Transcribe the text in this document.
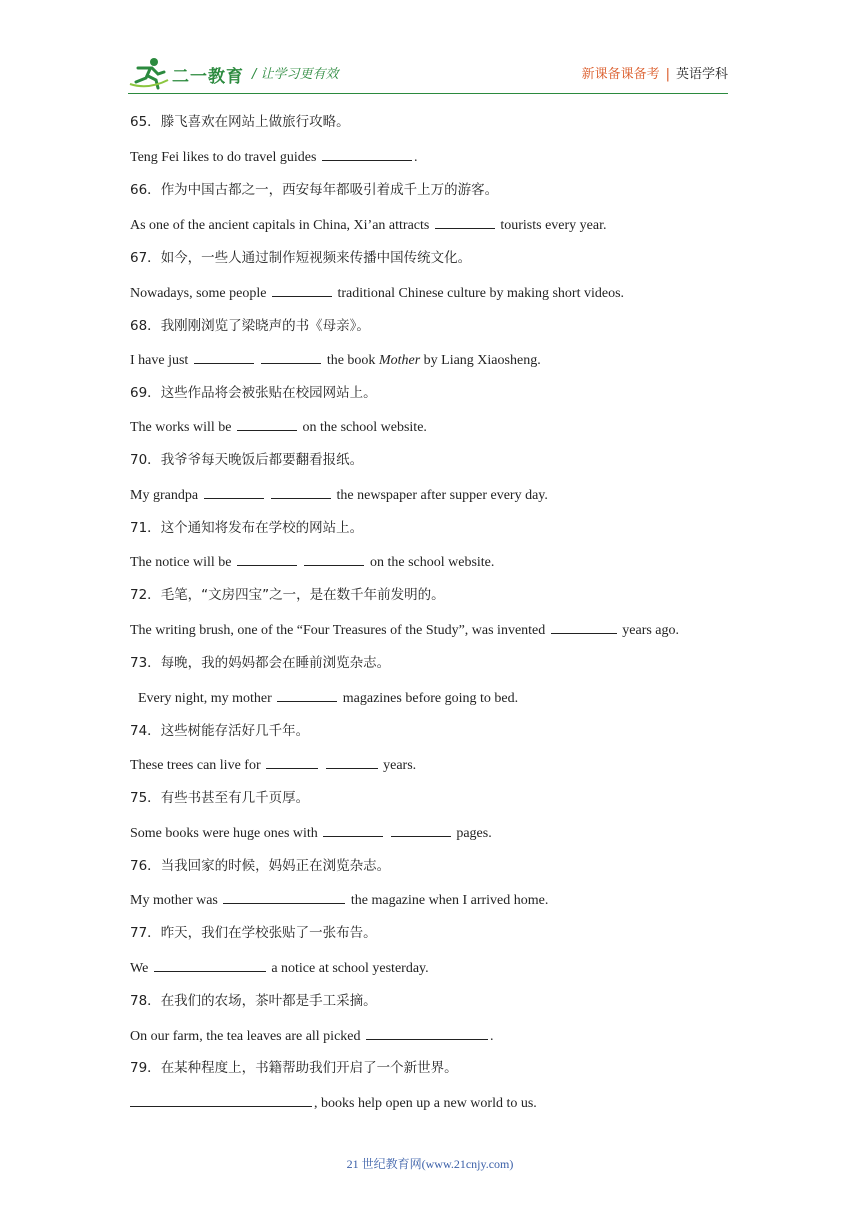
二一教育 / 让学习更有效	新课备课备考 | 英语学科
65．滕飞喜欢在网站上做旅行攻略。
Teng Fei likes to do travel guides	.
66．作为中国古都之一，西安每年都吸引着成千上万的游客。
As one of the ancient capitals in China, Xi’an attracts	tourists every year.
67．如今，一些人通过制作短视频来传播中国传统文化。
Nowadays, some people	traditional Chinese culture by making short videos.
68．我刚刚浏览了梁晓声的书《母亲》。
I have just	the book Mother by Liang Xiaosheng.
69．这些作品将会被张贴在校园网站上。
The works will be	on the school website.
70．我爷爷每天晚饭后都要翻看报纸。
My grandpa	the newspaper after supper every day.
71．这个通知将发布在学校的网站上。
The notice will be	on the school website.
72．毛笔，“文房四宝”之一，是在数千年前发明的。
The writing brush, one of the “Four Treasures of the Study”, was invented	years ago.
73．每晚，我的妈妈都会在睡前浏览杂志。
Every night, my mother	magazines before going to bed.
74．这些树能存活好几千年。
These trees can live for	years.
75．有些书甚至有几千页厚。
Some books were huge ones with	pages.
76．当我回家的时候，妈妈正在浏览杂志。
My mother was	the magazine when I arrived home.
77．昨天，我们在学校张贴了一张布告。
We	a notice at school yesterday.
78．在我们的农场，茶叶都是手工采摘。
On our farm, the tea leaves are all picked	.
79．在某种程度上，书籍帮助我们开启了一个新世界。
, books help open up a new world to us.
21 世纪教育网(www.21cnjy.com)
